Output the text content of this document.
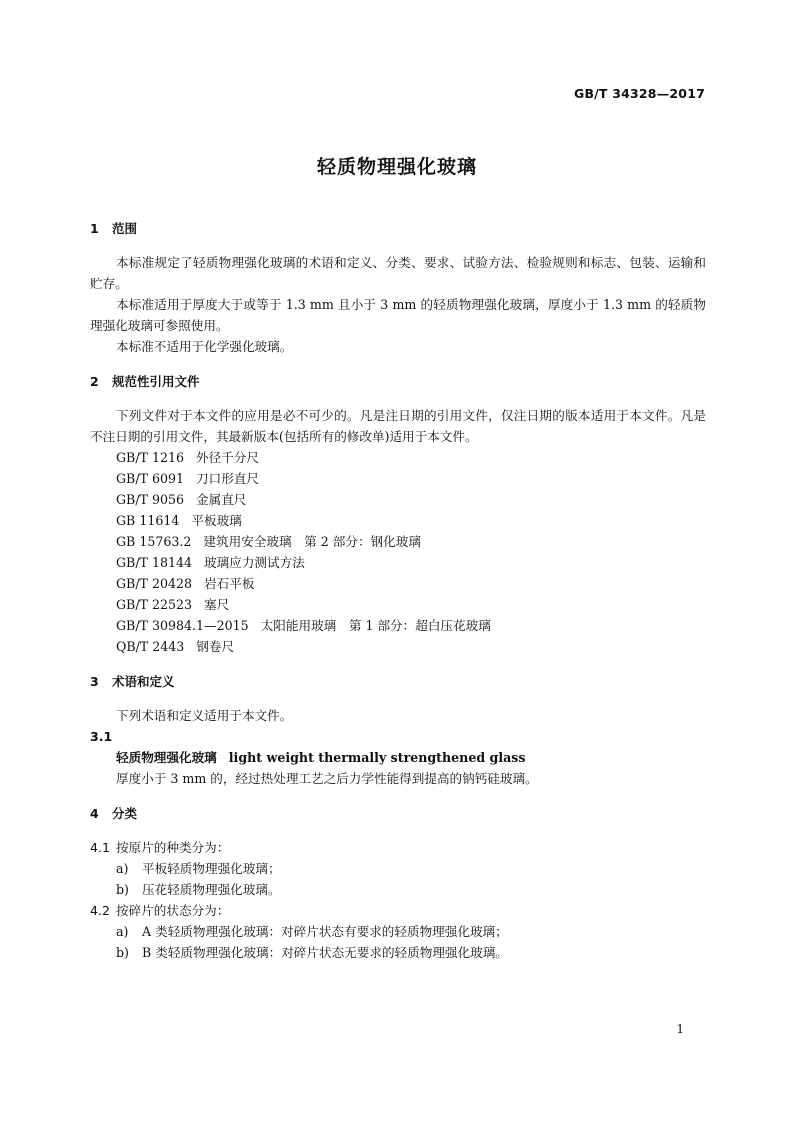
GB/T 34328—2017
轻质物理强化玻璃
1	范围

本标准规定了轻质物理强化玻璃的术语和定义、分类、要求、试验方法、检验规则和标志、包装、运输和贮存。

本标准适用于厚度大于或等于 1.3 mm 且小于 3 mm 的轻质物理强化玻璃，厚度小于 1.3 mm 的轻质物理强化玻璃可参照使用。

本标准不适用于化学强化玻璃。

2	规范性引用文件

下列文件对于本文件的应用是必不可少的。凡是注日期的引用文件，仅注日期的版本适用于本文件。凡是不注日期的引用文件，其最新版本(包括所有的修改单)适用于本文件。

GB/T 1216 外径千分尺
GB/T 6091 刀口形直尺
GB/T 9056 金属直尺
GB 11614 平板玻璃
GB 15763.2 建筑用安全玻璃　第 2 部分：钢化玻璃
GB/T 18144 玻璃应力测试方法
GB/T 20428 岩石平板
GB/T 22523 塞尺
GB/T 30984.1—2015 太阳能用玻璃　第 1 部分：超白压花玻璃
QB/T 2443 钢卷尺
3	术语和定义

下列术语和定义适用于本文件。

3.1
轻质物理强化玻璃 light weight thermally strengthened glass
厚度小于 3 mm 的，经过热处理工艺之后力学性能得到提高的钠钙硅玻璃。
4	分类
4.1 按原片的种类分为：
a)	平板轻质物理强化玻璃；
b)	压花轻质物理强化玻璃。
4.2 按碎片的状态分为：
a)	A 类轻质物理强化玻璃：对碎片状态有要求的轻质物理强化玻璃；
b)	B 类轻质物理强化玻璃：对碎片状态无要求的轻质物理强化玻璃。
1
